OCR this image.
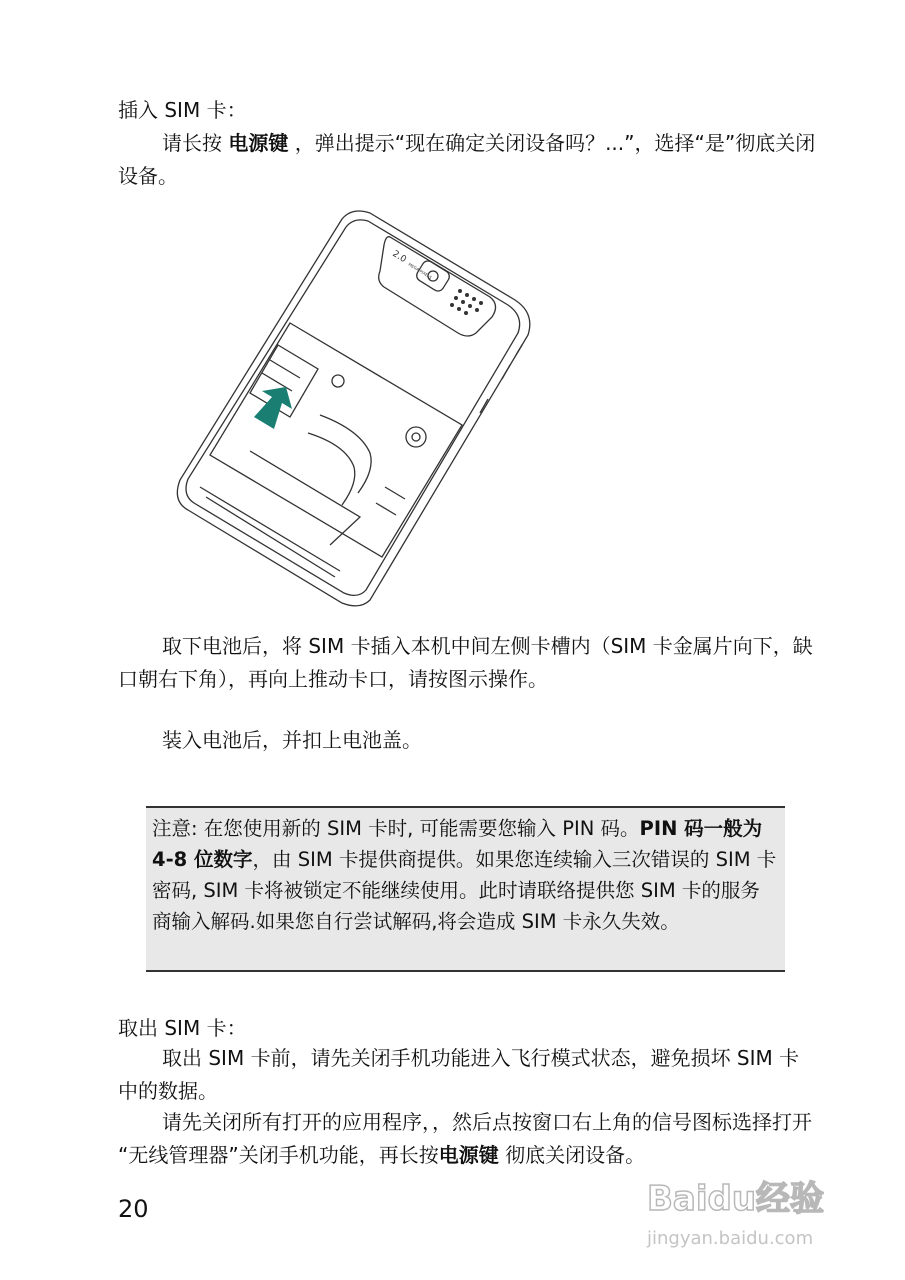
插入 SIM 卡：

请长按 电源键 ，弹出提示“现在确定关闭设备吗？...”，选择“是”彻底关闭设备。

2.0
MEGA PIXELS

取下电池后，将 SIM 卡插入本机中间左侧卡槽内（SIM 卡金属片向下，缺口朝右下角），再向上推动卡口，请按图示操作。

装入电池后，并扣上电池盖。

注意: 在您使用新的 SIM 卡时, 可能需要您输入 PIN 码。PIN 码一般为 4-8 位数字，由 SIM 卡提供商提供。如果您连续输入三次错误的 SIM 卡密码, SIM 卡将被锁定不能继续使用。此时请联络提供您 SIM 卡的服务商输入解码.如果您自行尝试解码,将会造成 SIM 卡永久失效。

取出 SIM 卡：

取出 SIM 卡前，请先关闭手机功能进入飞行模式状态，避免损坏 SIM 卡中的数据。

请先关闭所有打开的应用程序，，然后点按窗口右上角的信号图标选择打开 “无线管理器”关闭手机功能，再长按电源键 彻底关闭设备。

20	Baidu经验
jingyan.baidu.com
